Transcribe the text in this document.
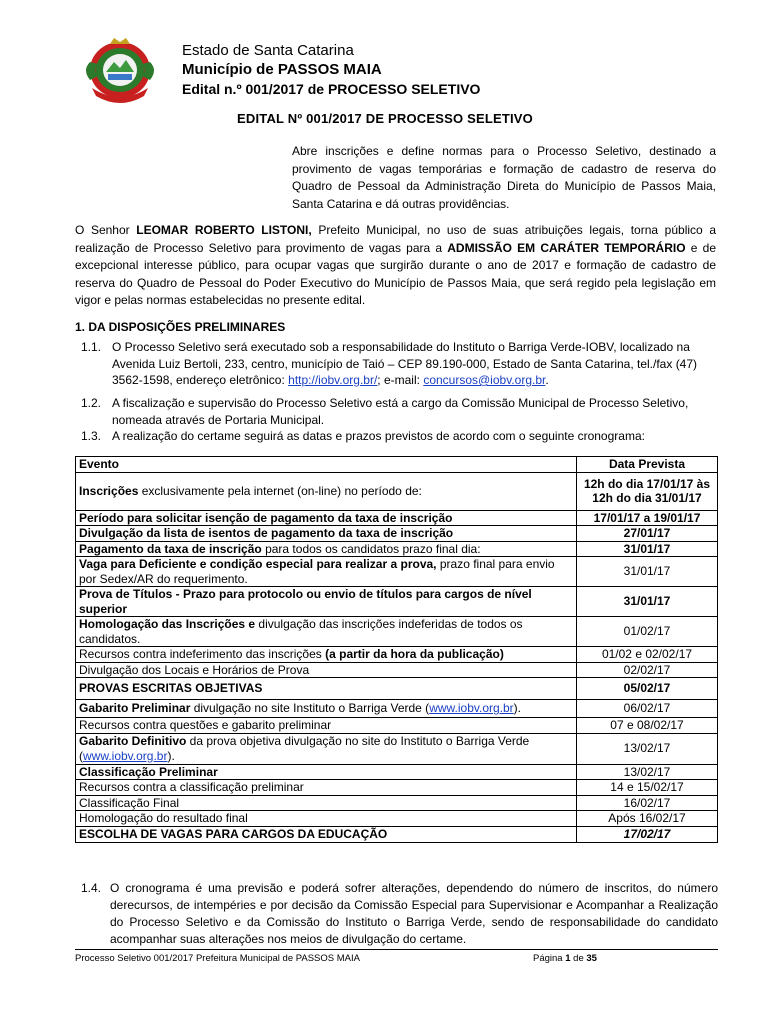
Estado de Santa Catarina
Município de PASSOS MAIA
Edital n.º 001/2017 de PROCESSO SELETIVO
EDITAL Nº 001/2017 DE PROCESSO SELETIVO
Abre inscrições e define normas para o Processo Seletivo, destinado a provimento de vagas temporárias e formação de cadastro de reserva do Quadro de Pessoal da Administração Direta do Município de Passos Maia, Santa Catarina e dá outras providências.
O Senhor LEOMAR ROBERTO LISTONI, Prefeito Municipal, no uso de suas atribuições legais, torna público a realização de Processo Seletivo para provimento de vagas para a ADMISSÃO EM CARÁTER TEMPORÁRIO e de excepcional interesse público, para ocupar vagas que surgirão durante o ano de 2017 e formação de cadastro de reserva do Quadro de Pessoal do Poder Executivo do Município de Passos Maia, que será regido pela legislação em vigor e pelas normas estabelecidas no presente edital.
1. DA DISPOSIÇÕES PRELIMINARES
1.1. O Processo Seletivo será executado sob a responsabilidade do Instituto o Barriga Verde-IOBV, localizado na Avenida Luiz Bertoli, 233, centro, município de Taió – CEP 89.190-000, Estado de Santa Catarina, tel./fax (47) 3562-1598, endereço eletrônico: http://iobv.org.br/; e-mail: concursos@iobv.org.br.
1.2. A fiscalização e supervisão do Processo Seletivo está a cargo da Comissão Municipal de Processo Seletivo, nomeada através de Portaria Municipal.
1.3. A realização do certame seguirá as datas e prazos previstos de acordo com o seguinte cronograma:
Evento	Data Prevista
Inscrições exclusivamente pela internet (on-line) no período de:	12h do dia 17/01/17 às 12h do dia 31/01/17
Período para solicitar isenção de pagamento da taxa de inscrição	17/01/17 a 19/01/17
Divulgação da lista de isentos de pagamento da taxa de inscrição	27/01/17
Pagamento da taxa de inscrição para todos os candidatos prazo final dia:	31/01/17
Vaga para Deficiente e condição especial para realizar a prova, prazo final para envio por Sedex/AR do requerimento.	31/01/17
Prova de Títulos - Prazo para protocolo ou envio de títulos para cargos de nível superior	31/01/17
Homologação das Inscrições e divulgação das inscrições indeferidas de todos os candidatos.	01/02/17
Recursos contra indeferimento das inscrições (a partir da hora da publicação)	01/02 e 02/02/17
Divulgação dos Locais e Horários de Prova	02/02/17
PROVAS ESCRITAS OBJETIVAS	05/02/17
Gabarito Preliminar divulgação no site Instituto o Barriga Verde (www.iobv.org.br).	06/02/17
Recursos contra questões e gabarito preliminar	07 e 08/02/17
Gabarito Definitivo da prova objetiva divulgação no site do Instituto o Barriga Verde (www.iobv.org.br).	13/02/17
Classificação Preliminar	13/02/17
Recursos contra a classificação preliminar	14 e 15/02/17
Classificação Final	16/02/17
Homologação do resultado final	Após 16/02/17
ESCOLHA DE VAGAS PARA CARGOS DA EDUCAÇÃO	17/02/17
1.4. O cronograma é uma previsão e poderá sofrer alterações, dependendo do número de inscritos, do número derecursos, de intempéries e por decisão da Comissão Especial para Supervisionar e Acompanhar a Realização do Processo Seletivo e da Comissão do Instituto o Barriga Verde, sendo de responsabilidade do candidato acompanhar suas alterações nos meios de divulgação do certame.
Processo Seletivo 001/2017 Prefeitura Municipal de PASSOS MAIA	Página 1 de 35
